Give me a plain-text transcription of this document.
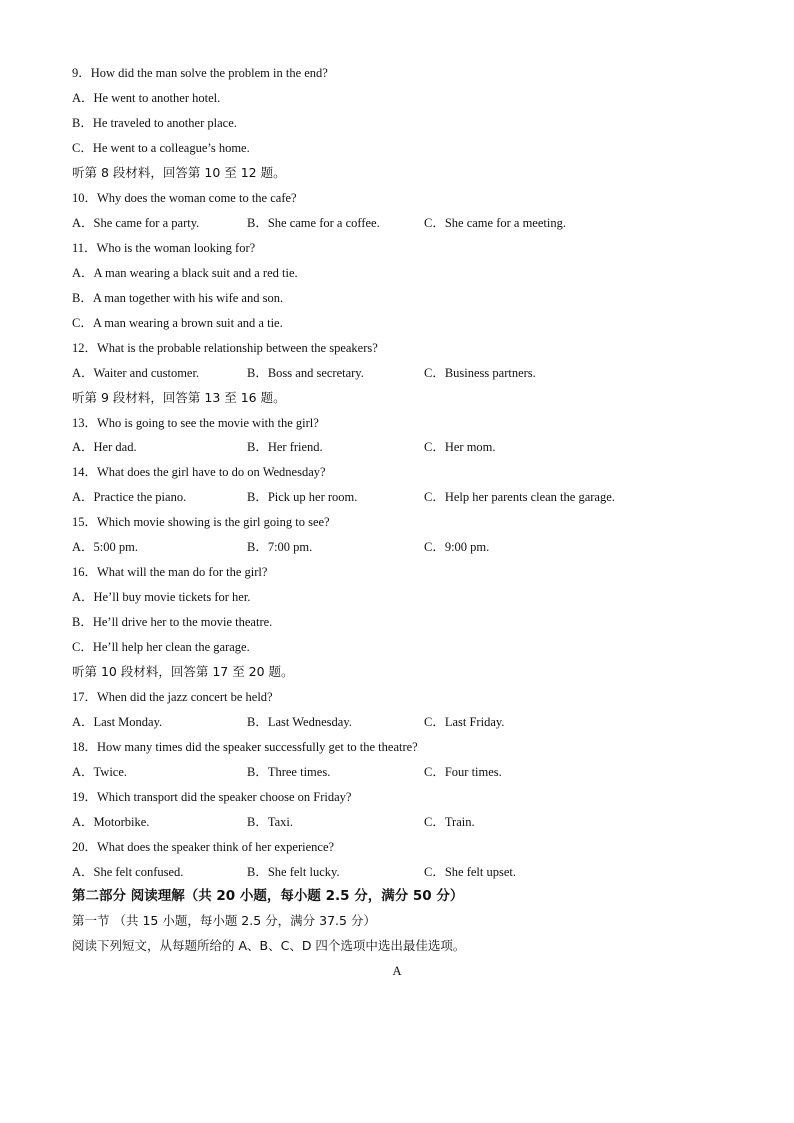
9．How did the man solve the problem in the end?
A．He went to another hotel.
B．He traveled to another place.
C．He went to a colleague’s home.
听第 8 段材料，回答第 10 至 12 题。
10．Why does the woman come to the cafe?
A．She came for a party.	B．She came for a coffee.	C．She came for a meeting.
11．Who is the woman looking for?
A．A man wearing a black suit and a red tie.
B．A man together with his wife and son.
C．A man wearing a brown suit and a tie.
12．What is the probable relationship between the speakers?
A．Waiter and customer.	B．Boss and secretary.	C．Business partners.
听第 9 段材料，回答第 13 至 16 题。
13．Who is going to see the movie with the girl?
A．Her dad.	B．Her friend.	C．Her mom.
14．What does the girl have to do on Wednesday?
A．Practice the piano.	B．Pick up her room.	C．Help her parents clean the garage.
15．Which movie showing is the girl going to see?
A．5:00 pm.	B．7:00 pm.	C．9:00 pm.
16．What will the man do for the girl?
A．He’ll buy movie tickets for her.
B．He’ll drive her to the movie theatre.
C．He’ll help her clean the garage.
听第 10 段材料，回答第 17 至 20 题。
17．When did the jazz concert be held?
A．Last Monday.	B．Last Wednesday.	C．Last Friday.
18．How many times did the speaker successfully get to the theatre?
A．Twice.	B．Three times.	C．Four times.
19．Which transport did the speaker choose on Friday?
A．Motorbike.	B．Taxi.	C．Train.
20．What does the speaker think of her experience?
A．She felt confused.	B．She felt lucky.	C．She felt upset.
第二部分 阅读理解（共 20 小题，每小题 2.5 分，满分 50 分）
第一节 （共 15 小题，每小题 2.5 分，满分 37.5 分）
阅读下列短文，从每题所给的 A、B、C、D 四个选项中选出最佳选项。
A
